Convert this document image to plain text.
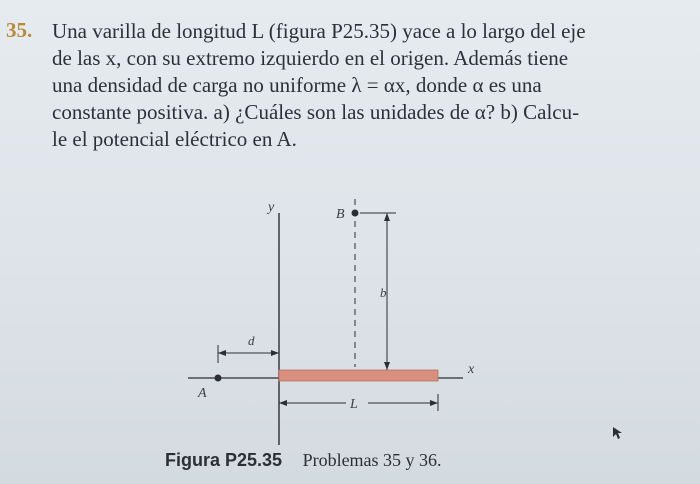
35. Una varilla de longitud L (figura P25.35) yace a lo largo del eje
de las x, con su extremo izquierdo en el origen. Además tiene
una densidad de carga no uniforme λ = αx, donde α es una
constante positiva. a) ¿Cuáles son las unidades de α? b) Calcu-
le el potencial eléctrico en A.
y
x
A
d
B
b
L
Figura P25.35 Problemas 35 y 36.
